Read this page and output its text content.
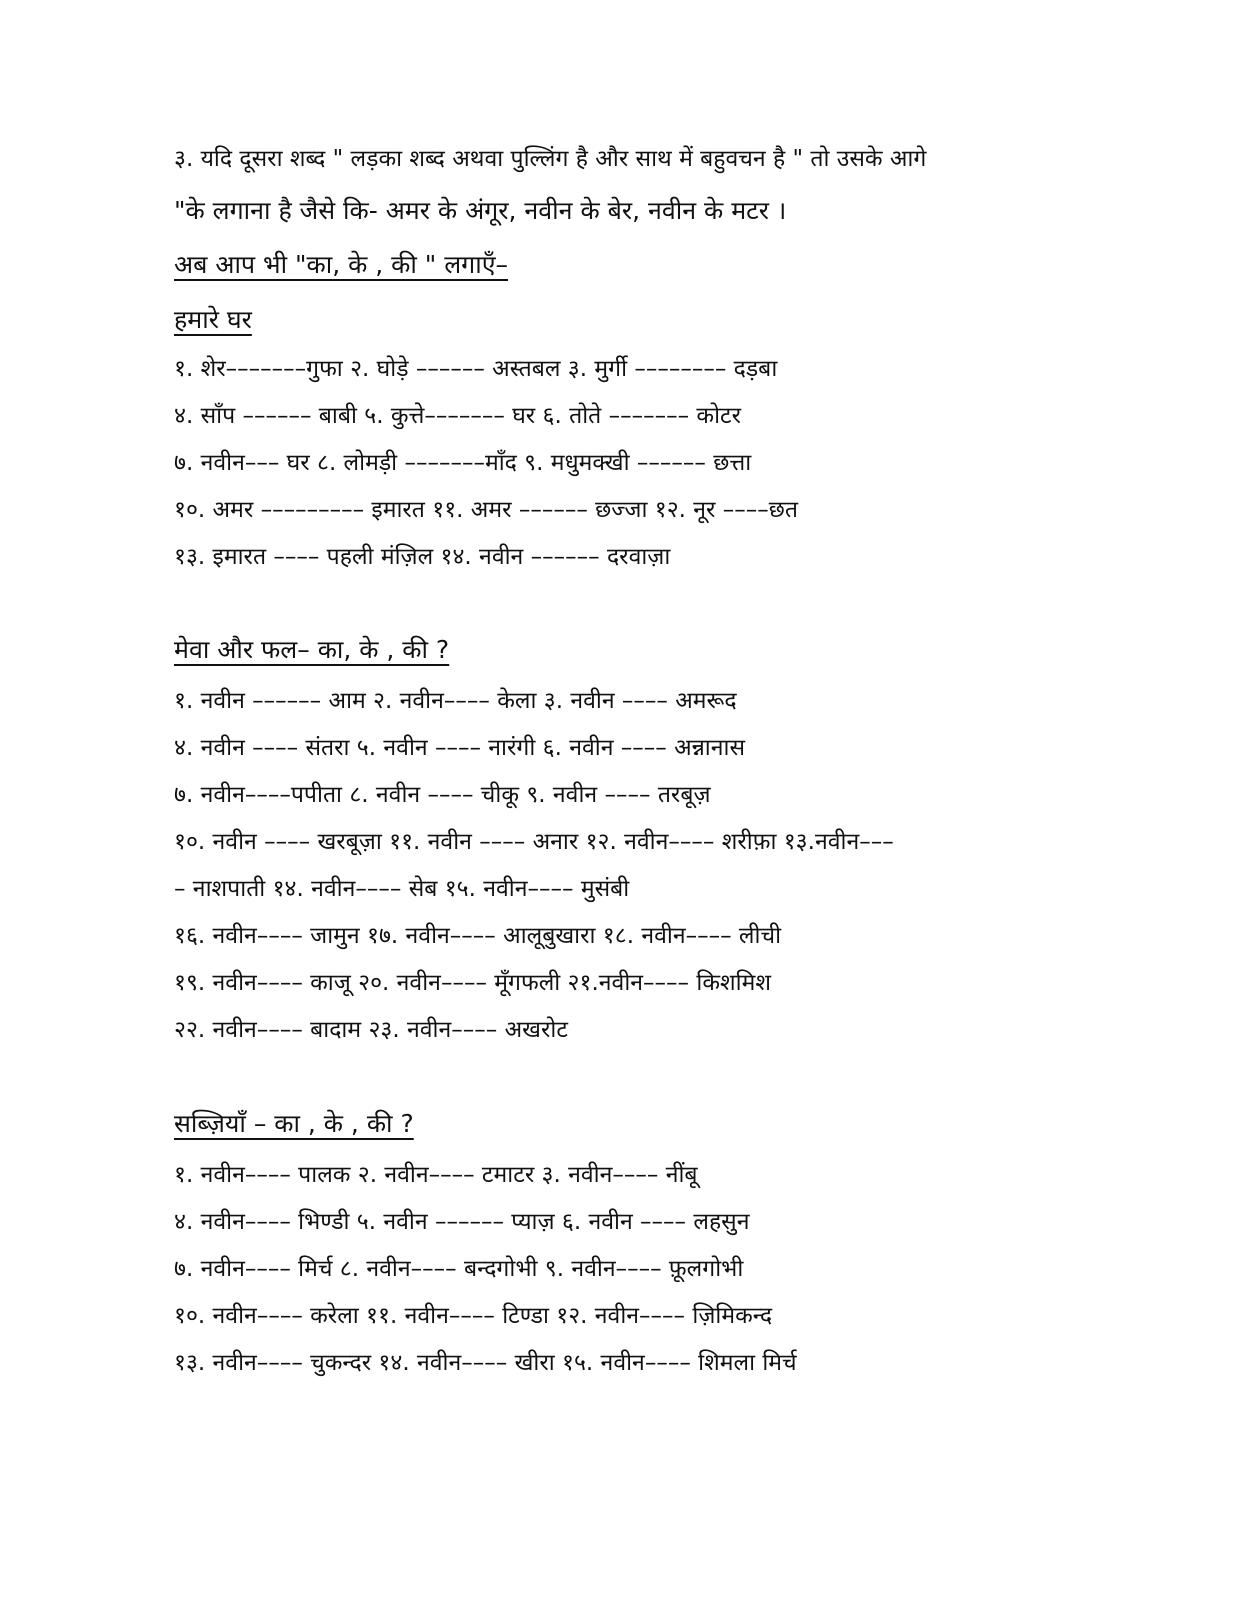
३. यदि दूसरा शब्द " लड़का शब्द अथवा पुल्लिंग है और साथ में बहुवचन है " तो उसके आगे
"के लगाना है जैसे कि- अमर के अंगूर, नवीन के बेर, नवीन के मटर ।
अब आप भी "का, के , की " लगाएँ–
हमारे घर
१. शेर–––––––गुफा २. घोड़े –––––– अस्तबल ३. मुर्गी –––––––– दड़बा
४. साँप –––––– बाबी ५. कुत्ते––––––– घर ६. तोते ––––––– कोटर
७. नवीन––– घर ८. लोमड़ी –––––––माँद ९. मधुमक्खी –––––– छत्ता
१०. अमर ––––––––– इमारत ११. अमर –––––– छज्जा १२. नूर ––––छत
१३. इमारत –––– पहली मंज़िल १४. नवीन –––––– दरवाज़ा
मेवा और फल– का, के , की ?
१. नवीन –––––– आम २. नवीन–––– केला ३. नवीन –––– अमरूद
४. नवीन –––– संतरा ५. नवीन –––– नारंगी ६. नवीन –––– अन्नानास
७. नवीन––––पपीता ८. नवीन –––– चीकू ९. नवीन –––– तरबूज़
१०. नवीन –––– खरबूज़ा ११. नवीन –––– अनार १२. नवीन–––– शरीफ़ा १३.नवीन–––
– नाशपाती १४. नवीन–––– सेब १५. नवीन–––– मुसंबी
१६. नवीन–––– जामुन १७. नवीन–––– आलूबुखारा १८. नवीन–––– लीची
१९. नवीन–––– काजू २०. नवीन–––– मूँगफली २१.नवीन–––– किशमिश
२२. नवीन–––– बादाम २३. नवीन–––– अखरोट
सब्ज़ियाँ – का , के , की ?
१. नवीन–––– पालक २. नवीन–––– टमाटर ३. नवीन–––– नींबू
४. नवीन–––– भिण्डी ५. नवीन –––––– प्याज़ ६. नवीन –––– लहसुन
७. नवीन–––– मिर्च ८. नवीन–––– बन्दगोभी ९. नवीन–––– फ़ूलगोभी
१०. नवीन–––– करेला ११. नवीन–––– टिण्डा १२. नवीन–––– ज़िमिकन्द
१३. नवीन–––– चुकन्दर १४. नवीन–––– खीरा १५. नवीन–––– शिमला मिर्च
